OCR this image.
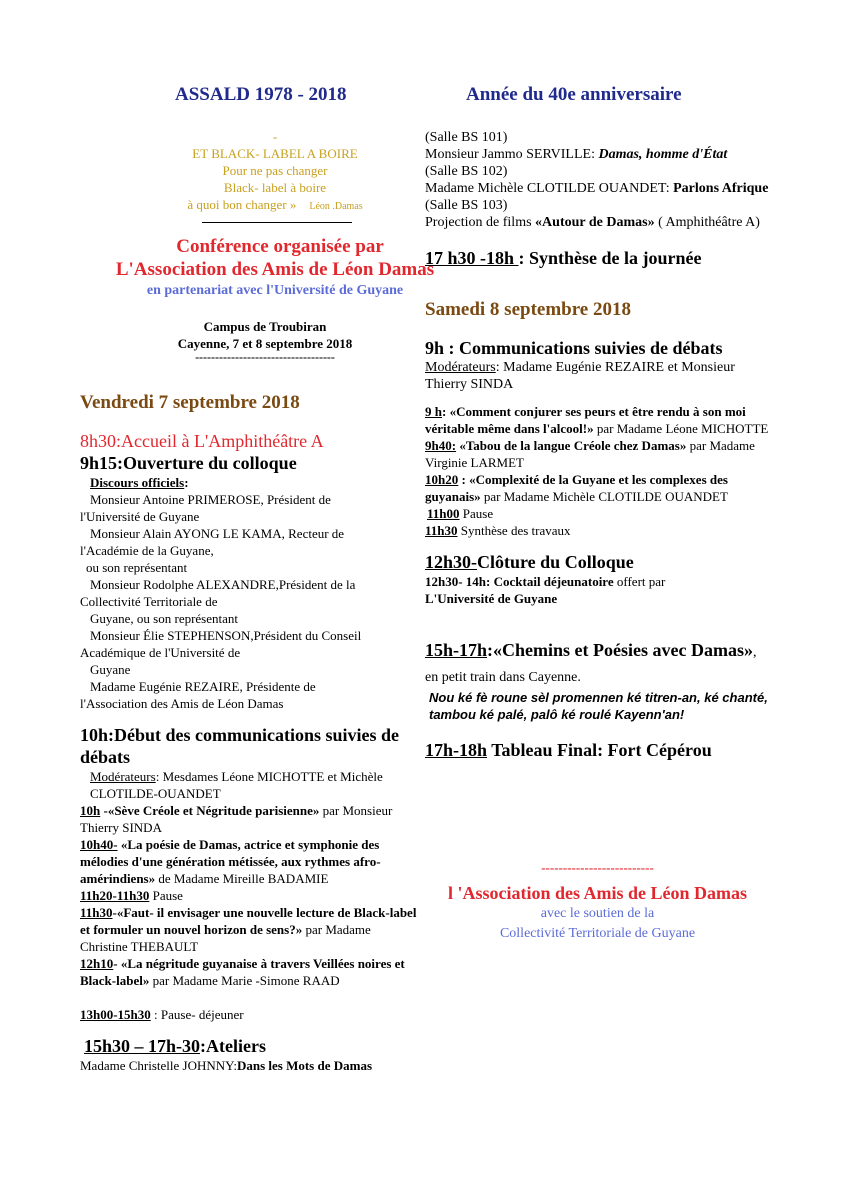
ASSALD 1978 - 2018	Année du 40e anniversaire
-
ET BLACK- LABEL A BOIRE
Pour ne pas changer
Black- label à boire
à quoi bon changer » Léon .Damas
Conférence organisée par
L'Association des Amis de Léon Damas
en partenariat avec l'Université de Guyane
Campus de Troubiran
Cayenne, 7 et 8 septembre 2018
-----------------------------------
Vendredi 7 septembre 2018
8h30:Accueil à L'Amphithéâtre A
9h15:Ouverture du colloque
Discours officiels:
Monsieur Antoine PRIMEROSE, Président de
l'Université de Guyane
Monsieur Alain AYONG LE KAMA, Recteur de
l'Académie de la Guyane,
ou son représentant
Monsieur Rodolphe ALEXANDRE,Président de la
Collectivité Territoriale de
Guyane, ou son représentant
Monsieur Élie STEPHENSON,Président du Conseil
Académique de l'Université de
Guyane
Madame Eugénie REZAIRE, Présidente de
l'Association des Amis de Léon Damas
10h:Début des communications suivies de débats
Modérateurs: Mesdames Léone MICHOTTE et Michèle CLOTILDE-OUANDET
10h -«Sève Créole et Négritude parisienne» par Monsieur Thierry SINDA
10h40- «La poésie de Damas, actrice et symphonie des mélodies d'une génération métissée, aux rythmes afro-amérindiens» de Madame Mireille BADAMIE
11h20-11h30 Pause
11h30-«Faut- il envisager une nouvelle lecture de Black-label et formuler un nouvel horizon de sens?» par Madame Christine THEBAULT
12h10- «La négritude guyanaise à travers Veillées noires et Black-label» par Madame Marie -Simone RAAD
13h00-15h30 : Pause- déjeuner
15h30 – 17h-30:Ateliers
Madame Christelle JOHNNY:Dans les Mots de Damas
(Salle BS 101)
Monsieur Jammo SERVILLE: Damas, homme d'État
(Salle BS 102)
Madame Michèle CLOTILDE OUANDET: Parlons Afrique (Salle BS 103)
Projection de films «Autour de Damas» ( Amphithéâtre A)
17 h30 -18h : Synthèse de la journée
Samedi 8 septembre 2018
9h : Communications suivies de débats
Modérateurs: Madame Eugénie REZAIRE et Monsieur Thierry SINDA
9 h: «Comment conjurer ses peurs et être rendu à son moi véritable même dans l'alcool!» par Madame Léone MICHOTTE
9h40: «Tabou de la langue Créole chez Damas» par Madame Virginie LARMET
10h20 : «Complexité de la Guyane et les complexes des guyanais» par Madame Michèle CLOTILDE OUANDET
11h00 Pause
11h30 Synthèse des travaux
12h30-Clôture du Colloque
12h30- 14h: Cocktail déjeunatoire offert par
L'Université de Guyane
15h-17h:«Chemins et Poésies avec Damas», en petit train dans Cayenne.
Nou ké fè roune sèl promennen ké titren-an, ké chanté, tambou ké palé, palô ké roulé Kayenn'an!
17h-18h Tableau Final: Fort Cépérou
--------------------------
l 'Association des Amis de Léon Damas
avec le soutien de la
Collectivité Territoriale de Guyane
